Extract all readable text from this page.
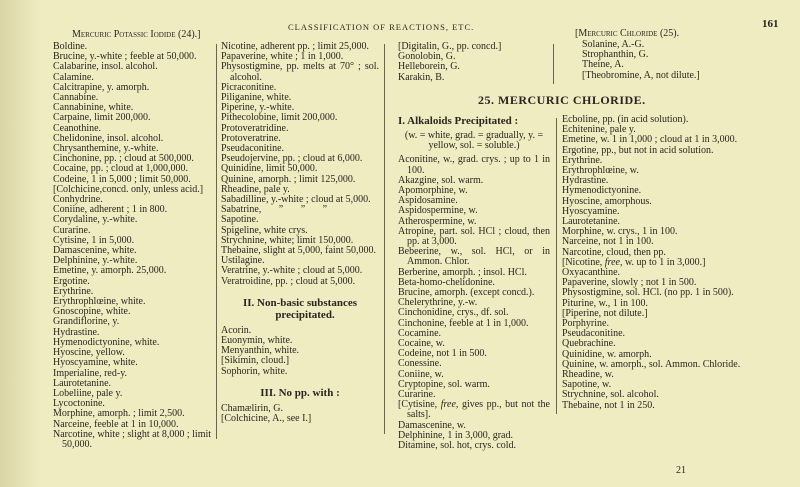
CLASSIFICATION OF REACTIONS, ETC.	161
Mercuric Potassic Iodide (24).]
Boldine.
Brucine, y.-white ; feeble at 50,000.
Calabarine, insol. alcohol.
Calamine.
Calcitrapine, y. amorph.
Cannabine.
Cannabinine, white.
Carpaine, limit 200,000.
Ceanothine.
Chelidonine, insol. alcohol.
Chrysanthemine, y.-white.
Cinchonine, pp. ; cloud at 500,000.
Cocaine, pp. ; cloud at 1,000,000.
Codeine, 1 in 5,000 ; limit 50,000.
[Colchicine,concd. only, unless acid.]
Conhydrine.
Coniine, adherent ; 1 in 800.
Corydaline, y.-white.
Curarine.
Cytisine, 1 in 5,000.
Damascenine, white.
Delphinine, y.-white.
Emetine, y. amorph. 25,000.
Ergotine.
Erythrine.
Erythrophlœine, white.
Gnoscopine, white.
Grandiflorine, y.
Hydrastine.
Hymenodictyonine, white.
Hyoscine, yellow.
Hyoscyamine, white.
Imperialine, red-y.
Laurotetanine.
Lobeliine, pale y.
Lycoctonine.
Morphine, amorph. ; limit 2,500.
Narceine, feeble at 1 in 10,000.
Narcotine, white ; slight at 8,000 ; limit 50,000.
Nicotine, adherent pp. ; limit 25,000.
Papaverine, white ; 1 in 1,000.
Physostigmine, pp. melts at 70° ; sol. alcohol.
Picraconitine.
Piliganine, white.
Piperine, y.-white.
Pithecolobine, limit 200,000.
Protoveratridine.
Protoveratrine.
Pseudaconitine.
Pseudojervine, pp. ; cloud at 6,000.
Quinidine, limit 50,000.
Quinine, amorph. ; limit 125,000.
Rheadine, pale y.
Sabadilline, y.-white ; cloud at 5,000.
Sabatrine,       ”       ”       ”
Sapotine.
Spigeline, white crys.
Strychnine, white; limit 150,000.
Thebaine, slight at 5,000, faint 50,000.
Ustilagine.
Veratrine, y.-white ; cloud at 5,000.
Veratroidine, pp. ; cloud at 5,000.
II. Non-basic substances precipitated.
Acorin.
Euonymin, white.
Menyanthin, white.
[Sikimin, cloud.]
Sophorin, white.
III. No pp. with :
Chamælirin, G.
[Colchicine, A., see I.]
[Digitalin, G., pp. concd.]
Gonolobin, G.
Helleborein, G.
Karakin, B.
[Mercuric Chloride (25).
Solanine, A.-G.
Strophanthin, G.
Theine, A.
[Theobromine, A, not dilute.]
25. MERCURIC CHLORIDE.
I. Alkaloids Precipitated :
(w. = white, grad. = gradually, y. = yellow, sol. = soluble.)
Aconitine, w., grad. crys. ; up to 1 in 100.
Akazgine, sol. warm.
Apomorphine, w.
Aspidosamine.
Aspidospermine, w.
Atherospermine, w.
Atropine, part. sol. HCl ; cloud, then pp. at 3,000.
Bebeerine, w., sol. HCl, or in Ammon. Chlor.
Berberine, amorph. ; insol. HCl.
Beta-homo-chelidonine.
Brucine, amorph. (except concd.).
Chelerythrine, y.-w.
Cinchonidine, crys., df. sol.
Cinchonine, feeble at 1 in 1,000.
Cocamine.
Cocaine, w.
Codeine, not 1 in 500.
Conessine.
Coniine, w.
Cryptopine, sol. warm.
Curarine.
[Cytisine, free, gives pp., but not the salts].
Damascenine, w.
Delphinine, 1 in 3,000, grad.
Ditamine, sol. hot, crys. cold.
Ecboline, pp. (in acid solution).
Echitenine, pale y.
Emetine, w. 1 in 1,000 ; cloud at 1 in 3,000.
Ergotine, pp., but not in acid solution.
Erythrine.
Erythrophlœine, w.
Hydrastine.
Hymenodictyonine.
Hyoscine, amorphous.
Hyoscyamine.
Laurotetanine.
Morphine, w. crys., 1 in 100.
Narceine, not 1 in 100.
Narcotine, cloud, then pp.
[Nicotine, free, w. up to 1 in 3,000.]
Oxyacanthine.
Papaverine, slowly ; not 1 in 500.
Physostigmine, sol. HCl. (no pp. 1 in 500).
Piturine, w., 1 in 100.
[Piperine, not dilute.]
Porphyrine.
Pseudaconitine.
Quebrachine.
Quinidine, w. amorph.
Quinine, w. amorph., sol. Ammon. Chloride.
Rheadine, w.
Sapotine, w.
Strychnine, sol. alcohol.
Thebaine, not 1 in 250.
21
